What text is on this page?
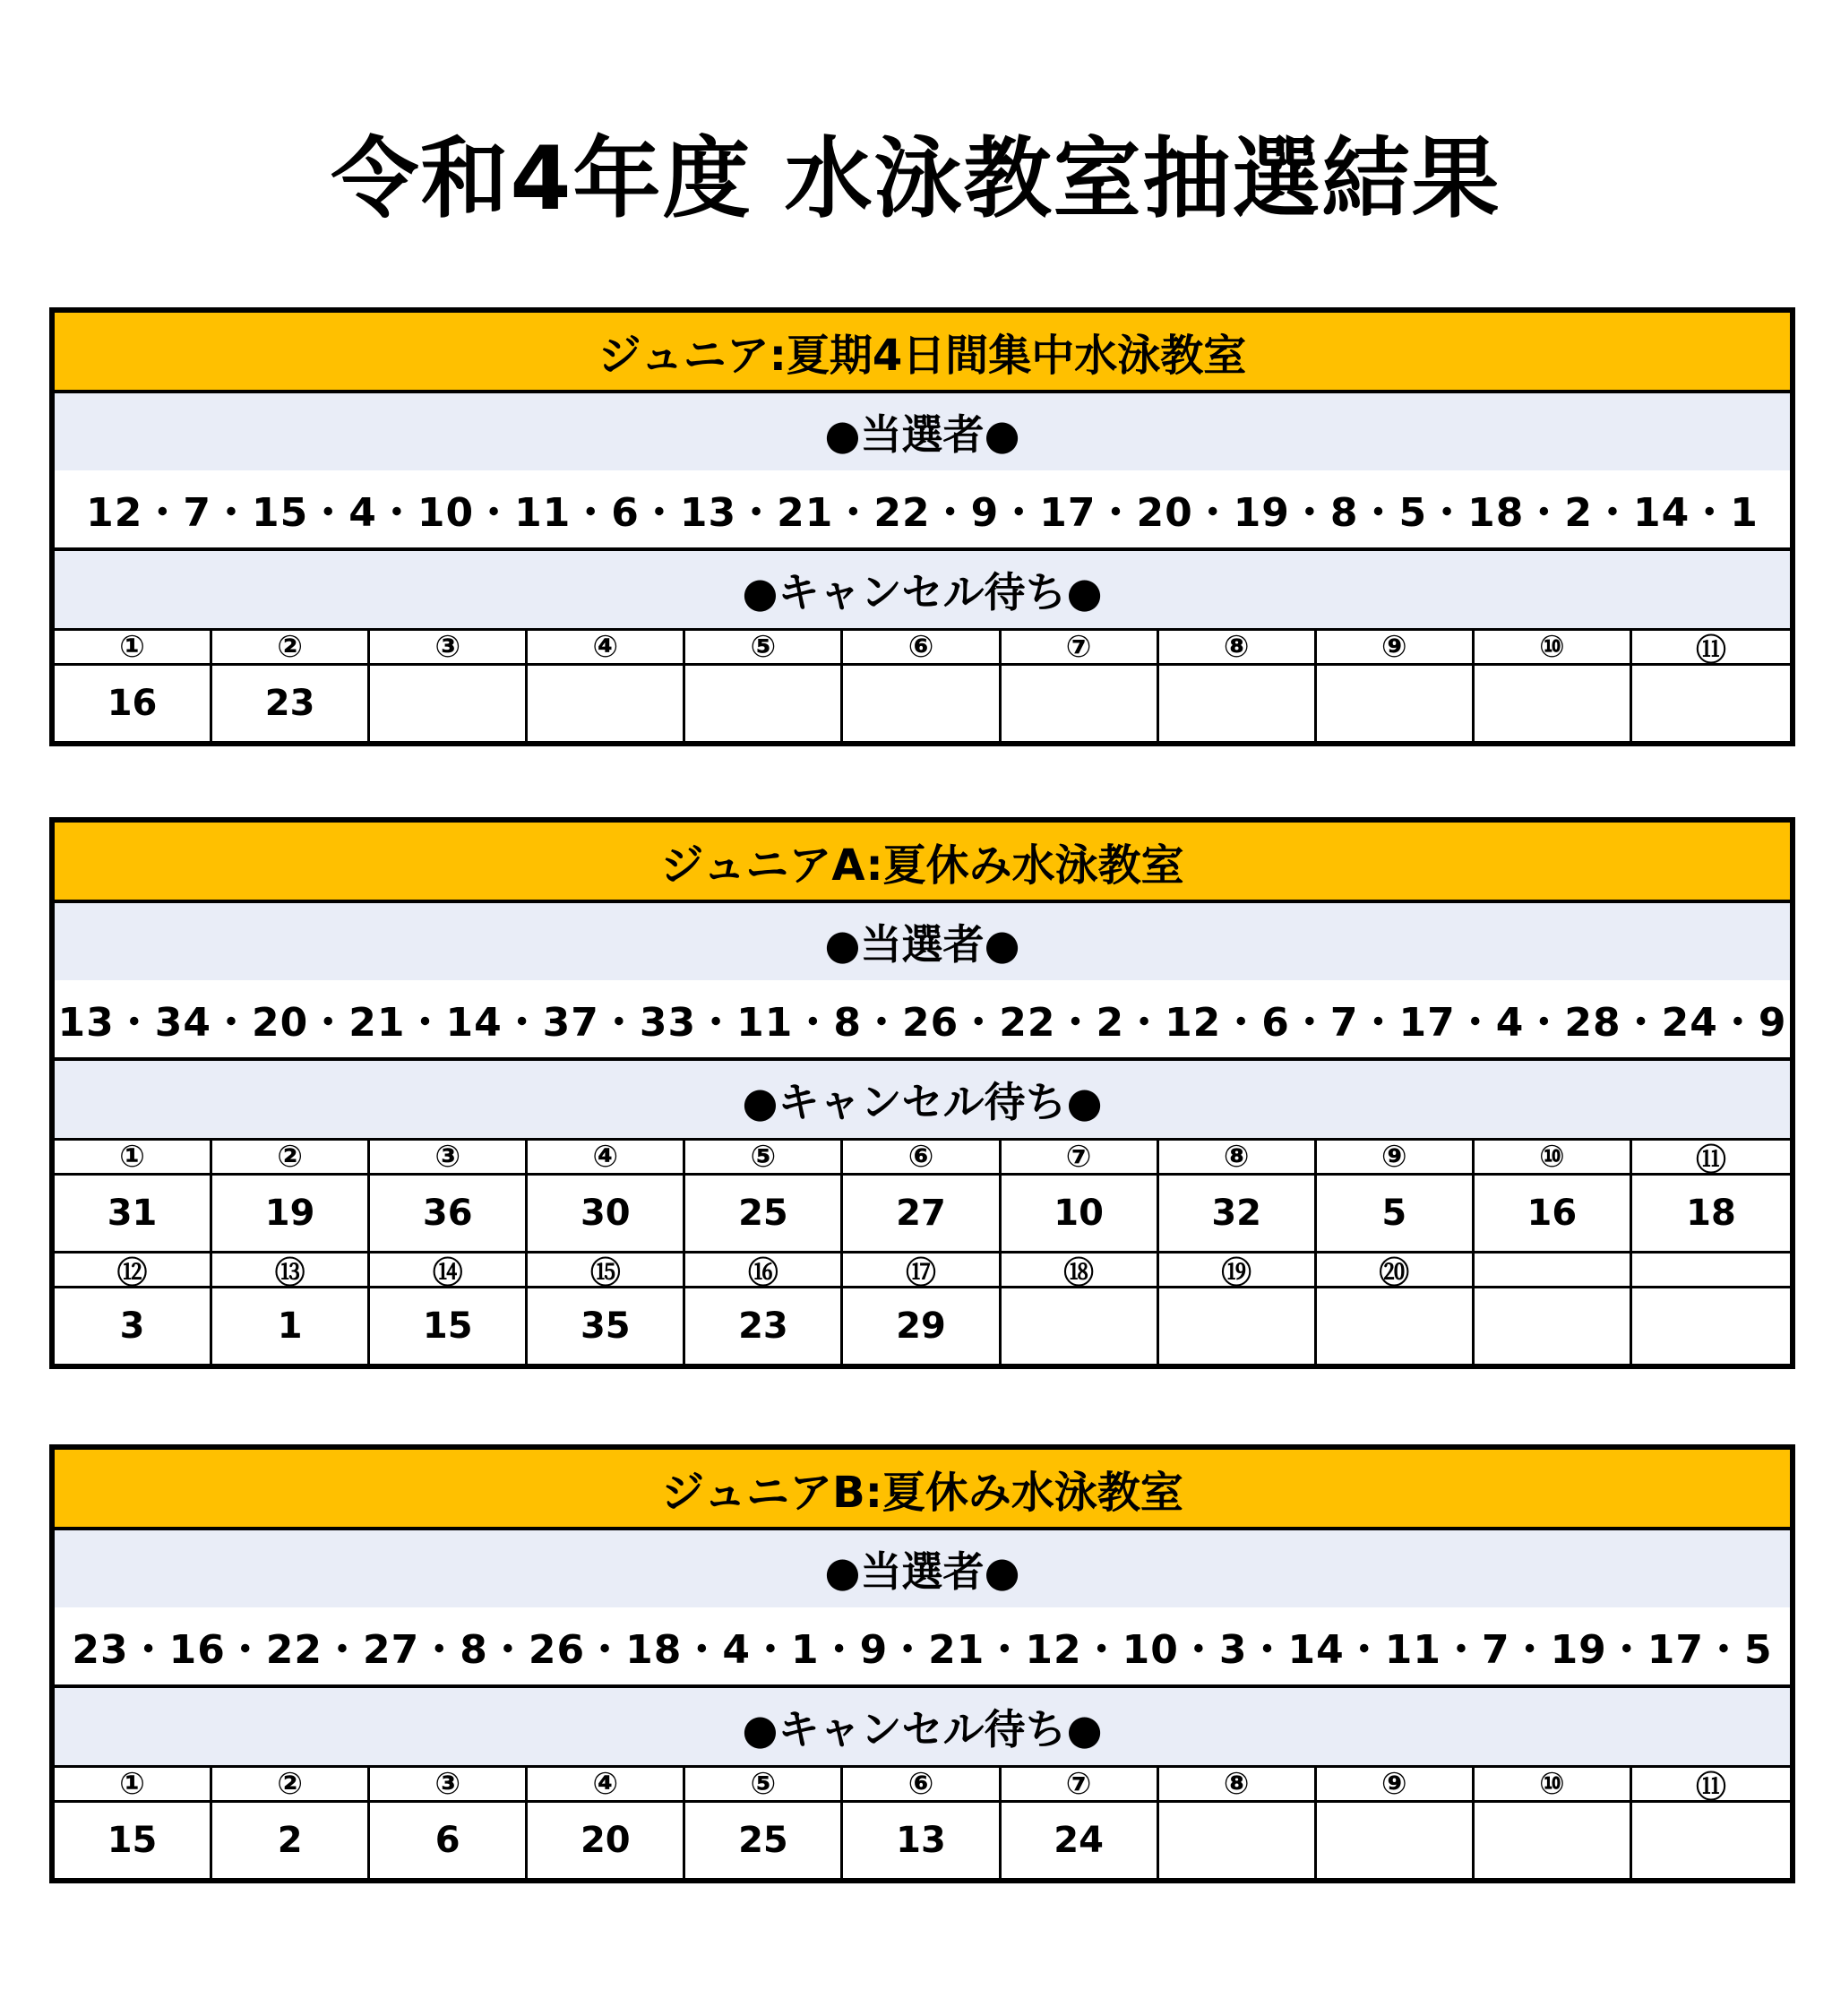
令和4年度 水泳教室抽選結果
ジュニア:夏期4日間集中水泳教室
●当選者●
12・7・15・4・10・11・6・13・21・22・9・17・20・19・8・5・18・2・14・1
●キャンセル待ち●
①	②	③	④	⑤	⑥	⑦	⑧	⑨	⑩	⑪
16	23
ジュニアA:夏休み水泳教室
●当選者●
13・34・20・21・14・37・33・11・8・26・22・2・12・6・7・17・4・28・24・9
●キャンセル待ち●
①	②	③	④	⑤	⑥	⑦	⑧	⑨	⑩	⑪
31	19	36	30	25	27	10	32	5	16	18
⑫	⑬	⑭	⑮	⑯	⑰	⑱	⑲	⑳
3	1	15	35	23	29
ジュニアB:夏休み水泳教室
●当選者●
23・16・22・27・8・26・18・4・1・9・21・12・10・3・14・11・7・19・17・5
●キャンセル待ち●
①	②	③	④	⑤	⑥	⑦	⑧	⑨	⑩	⑪
15	2	6	20	25	13	24
